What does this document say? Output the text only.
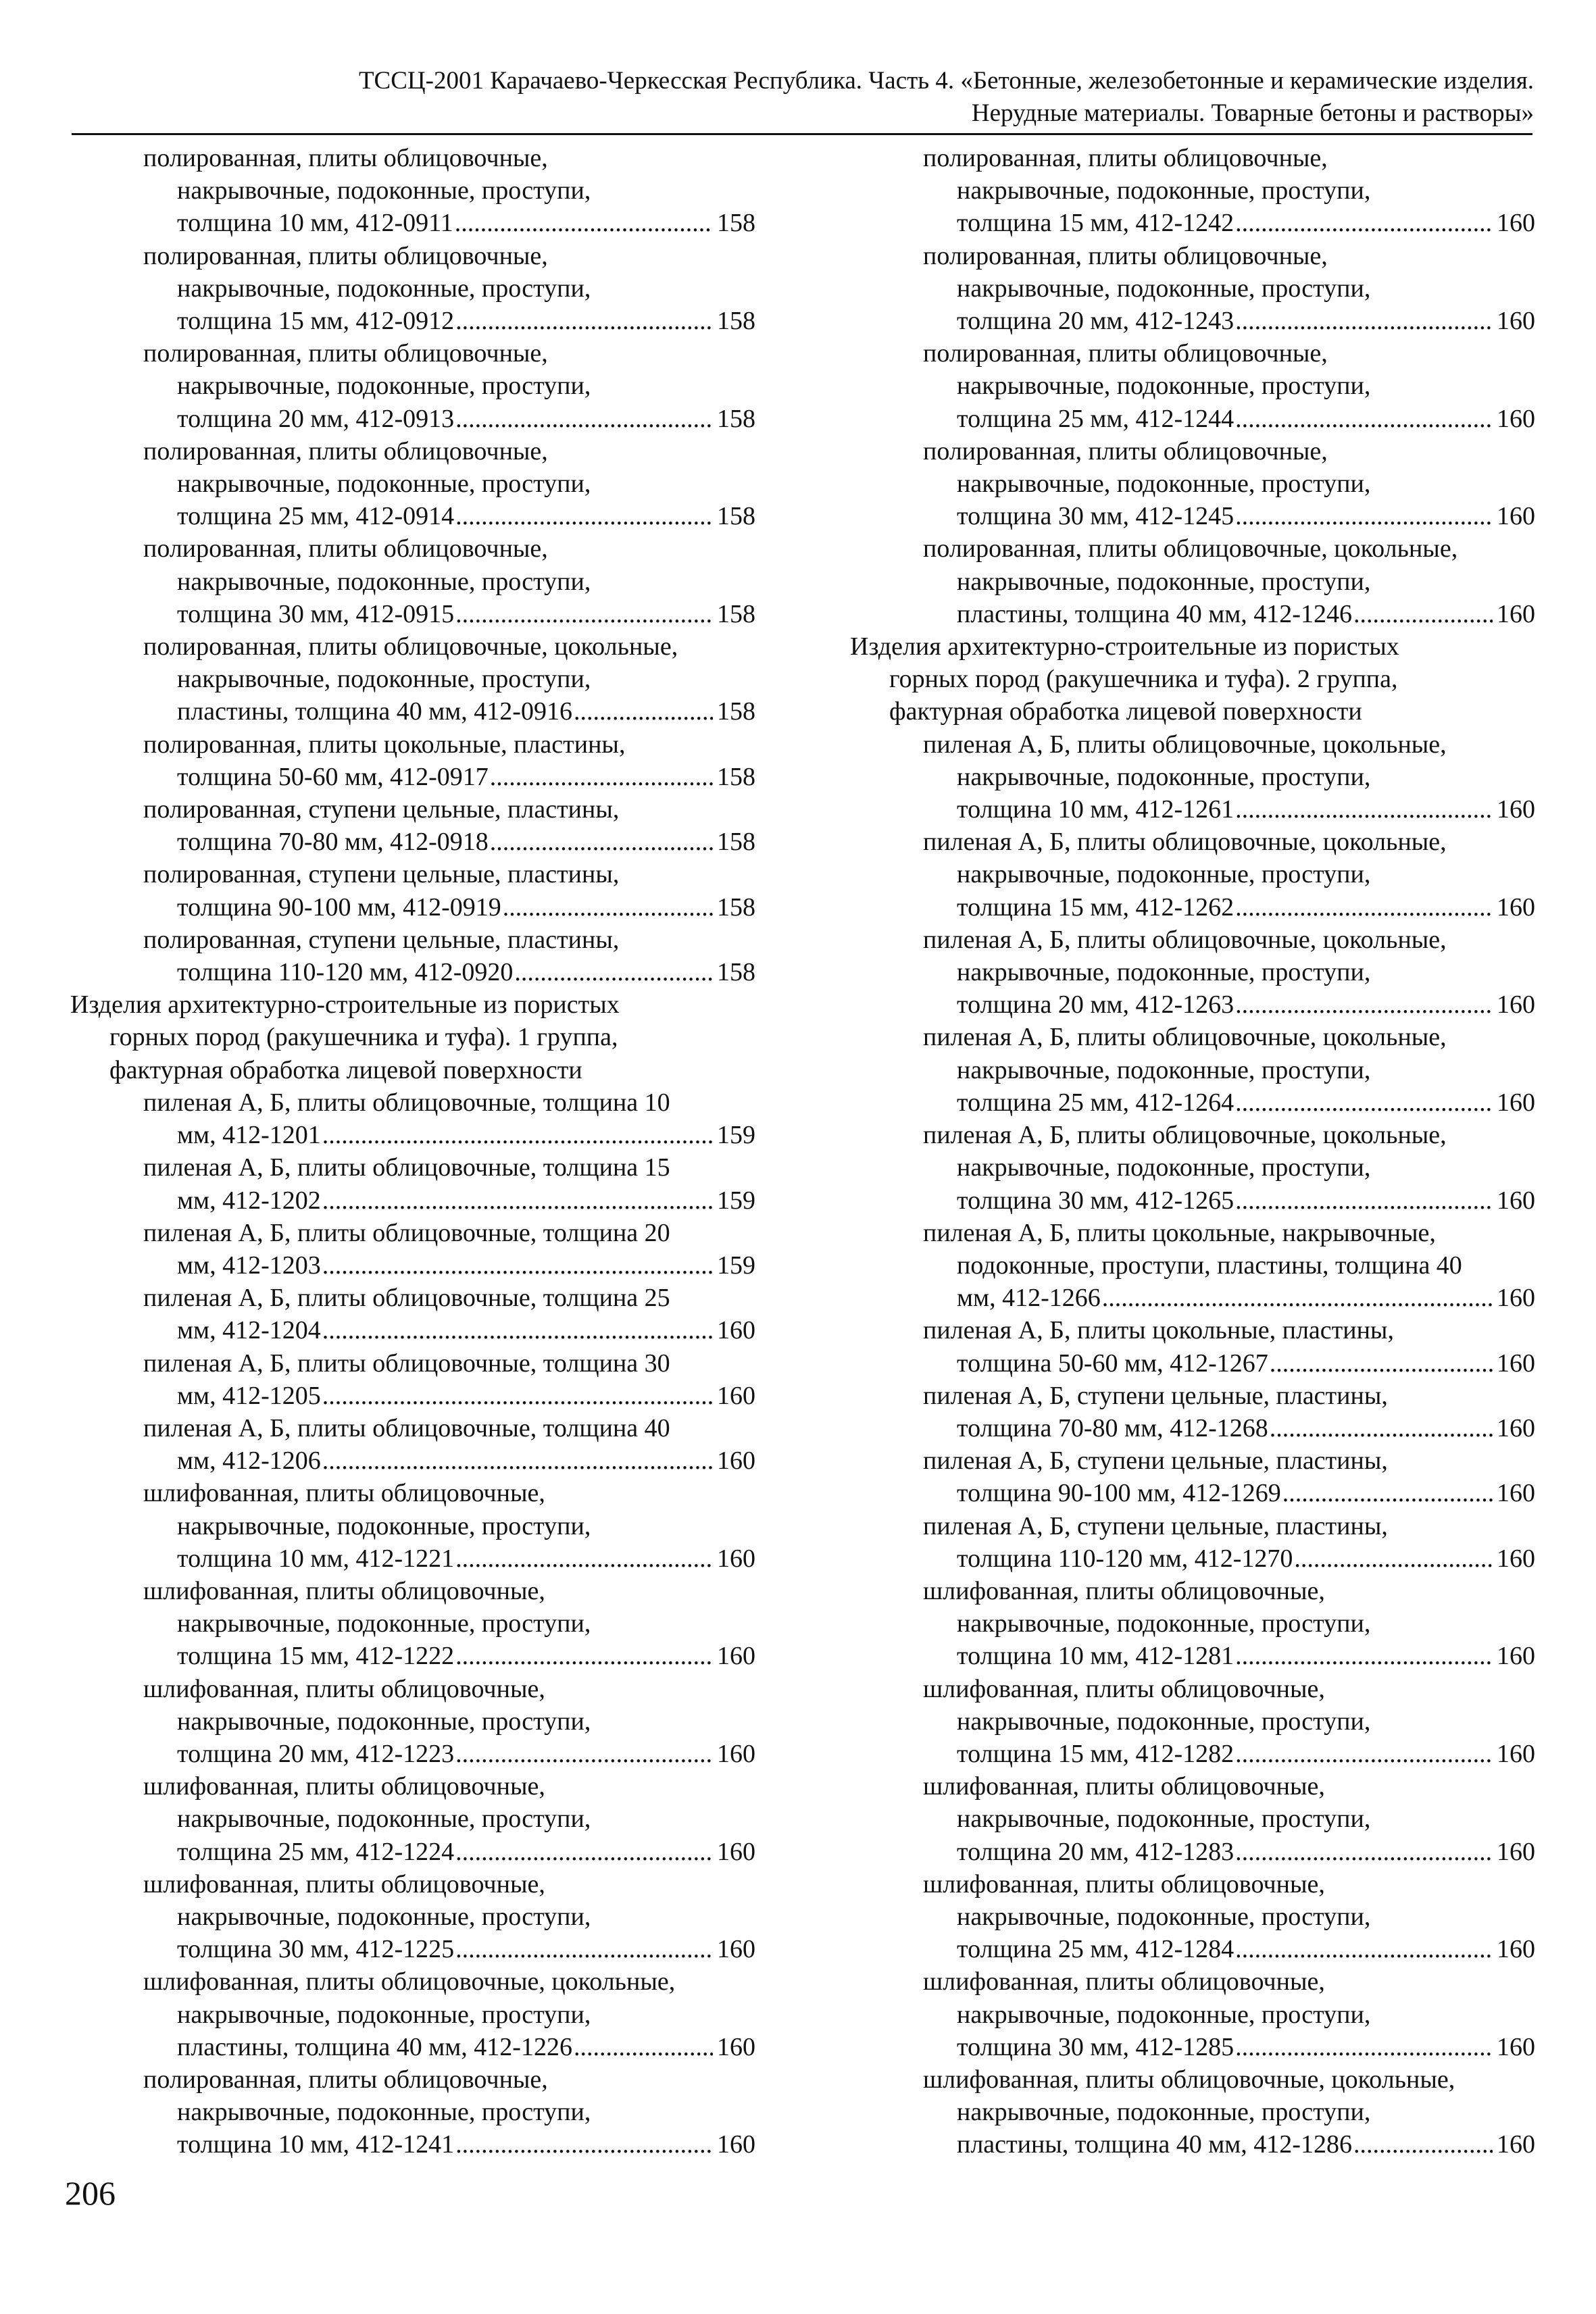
ТССЦ-2001 Карачаево-Черкесская Республика. Часть 4. «Бетонные, железобетонные и керамические изделия.
Нерудные материалы. Товарные бетоны и растворы»
полированная, плиты облицовочные,
накрывочные, подоконные, проступи,
толщина 10 мм, 412-0911 .....	158
полированная, плиты облицовочные,
накрывочные, подоконные, проступи,
толщина 15 мм, 412-0912 .....	158
полированная, плиты облицовочные,
накрывочные, подоконные, проступи,
толщина 20 мм, 412-0913 .....	158
полированная, плиты облицовочные,
накрывочные, подоконные, проступи,
толщина 25 мм, 412-0914 .....	158
полированная, плиты облицовочные,
накрывочные, подоконные, проступи,
толщина 30 мм, 412-0915 .....	158
полированная, плиты облицовочные, цокольные,
накрывочные, подоконные, проступи,
пластины, толщина 40 мм, 412-0916 .....	158
полированная, плиты цокольные, пластины,
толщина 50-60 мм, 412-0917 .....	158
полированная, ступени цельные, пластины,
толщина 70-80 мм, 412-0918 .....	158
полированная, ступени цельные, пластины,
толщина 90-100 мм, 412-0919 .....	158
полированная, ступени цельные, пластины,
толщина 110-120 мм, 412-0920 .....	158
Изделия архитектурно-строительные из пористых
горных пород (ракушечника и туфа). 1 группа,
фактурная обработка лицевой поверхности
пиленая А, Б, плиты облицовочные, толщина 10
мм, 412-1201 .....	159
пиленая А, Б, плиты облицовочные, толщина 15
мм, 412-1202 .....	159
пиленая А, Б, плиты облицовочные, толщина 20
мм, 412-1203 .....	159
пиленая А, Б, плиты облицовочные, толщина 25
мм, 412-1204 .....	160
пиленая А, Б, плиты облицовочные, толщина 30
мм, 412-1205 .....	160
пиленая А, Б, плиты облицовочные, толщина 40
мм, 412-1206 .....	160
шлифованная, плиты облицовочные,
накрывочные, подоконные, проступи,
толщина 10 мм, 412-1221 .....	160
шлифованная, плиты облицовочные,
накрывочные, подоконные, проступи,
толщина 15 мм, 412-1222 .....	160
шлифованная, плиты облицовочные,
накрывочные, подоконные, проступи,
толщина 20 мм, 412-1223 .....	160
шлифованная, плиты облицовочные,
накрывочные, подоконные, проступи,
толщина 25 мм, 412-1224 .....	160
шлифованная, плиты облицовочные,
накрывочные, подоконные, проступи,
толщина 30 мм, 412-1225 .....	160
шлифованная, плиты облицовочные, цокольные,
накрывочные, подоконные, проступи,
пластины, толщина 40 мм, 412-1226 .....	160
полированная, плиты облицовочные,
накрывочные, подоконные, проступи,
толщина 10 мм, 412-1241 .....	160
полированная, плиты облицовочные,
накрывочные, подоконные, проступи,
толщина 15 мм, 412-1242 .....	160
полированная, плиты облицовочные,
накрывочные, подоконные, проступи,
толщина 20 мм, 412-1243 .....	160
полированная, плиты облицовочные,
накрывочные, подоконные, проступи,
толщина 25 мм, 412-1244 .....	160
полированная, плиты облицовочные,
накрывочные, подоконные, проступи,
толщина 30 мм, 412-1245 .....	160
полированная, плиты облицовочные, цокольные,
накрывочные, подоконные, проступи,
пластины, толщина 40 мм, 412-1246 .....	160
Изделия архитектурно-строительные из пористых
горных пород (ракушечника и туфа). 2 группа,
фактурная обработка лицевой поверхности
пиленая А, Б, плиты облицовочные, цокольные,
накрывочные, подоконные, проступи,
толщина 10 мм, 412-1261 .....	160
пиленая А, Б, плиты облицовочные, цокольные,
накрывочные, подоконные, проступи,
толщина 15 мм, 412-1262 .....	160
пиленая А, Б, плиты облицовочные, цокольные,
накрывочные, подоконные, проступи,
толщина 20 мм, 412-1263 .....	160
пиленая А, Б, плиты облицовочные, цокольные,
накрывочные, подоконные, проступи,
толщина 25 мм, 412-1264 .....	160
пиленая А, Б, плиты облицовочные, цокольные,
накрывочные, подоконные, проступи,
толщина 30 мм, 412-1265 .....	160
пиленая А, Б, плиты цокольные, накрывочные,
подоконные, проступи, пластины, толщина 40
мм, 412-1266 .....	160
пиленая А, Б, плиты цокольные, пластины,
толщина 50-60 мм, 412-1267 .....	160
пиленая А, Б, ступени цельные, пластины,
толщина 70-80 мм, 412-1268 .....	160
пиленая А, Б, ступени цельные, пластины,
толщина 90-100 мм, 412-1269 .....	160
пиленая А, Б, ступени цельные, пластины,
толщина 110-120 мм, 412-1270 .....	160
шлифованная, плиты облицовочные,
накрывочные, подоконные, проступи,
толщина 10 мм, 412-1281 .....	160
шлифованная, плиты облицовочные,
накрывочные, подоконные, проступи,
толщина 15 мм, 412-1282 .....	160
шлифованная, плиты облицовочные,
накрывочные, подоконные, проступи,
толщина 20 мм, 412-1283 .....	160
шлифованная, плиты облицовочные,
накрывочные, подоконные, проступи,
толщина 25 мм, 412-1284 .....	160
шлифованная, плиты облицовочные,
накрывочные, подоконные, проступи,
толщина 30 мм, 412-1285 .....	160
шлифованная, плиты облицовочные, цокольные,
накрывочные, подоконные, проступи,
пластины, толщина 40 мм, 412-1286 .....	160
206
